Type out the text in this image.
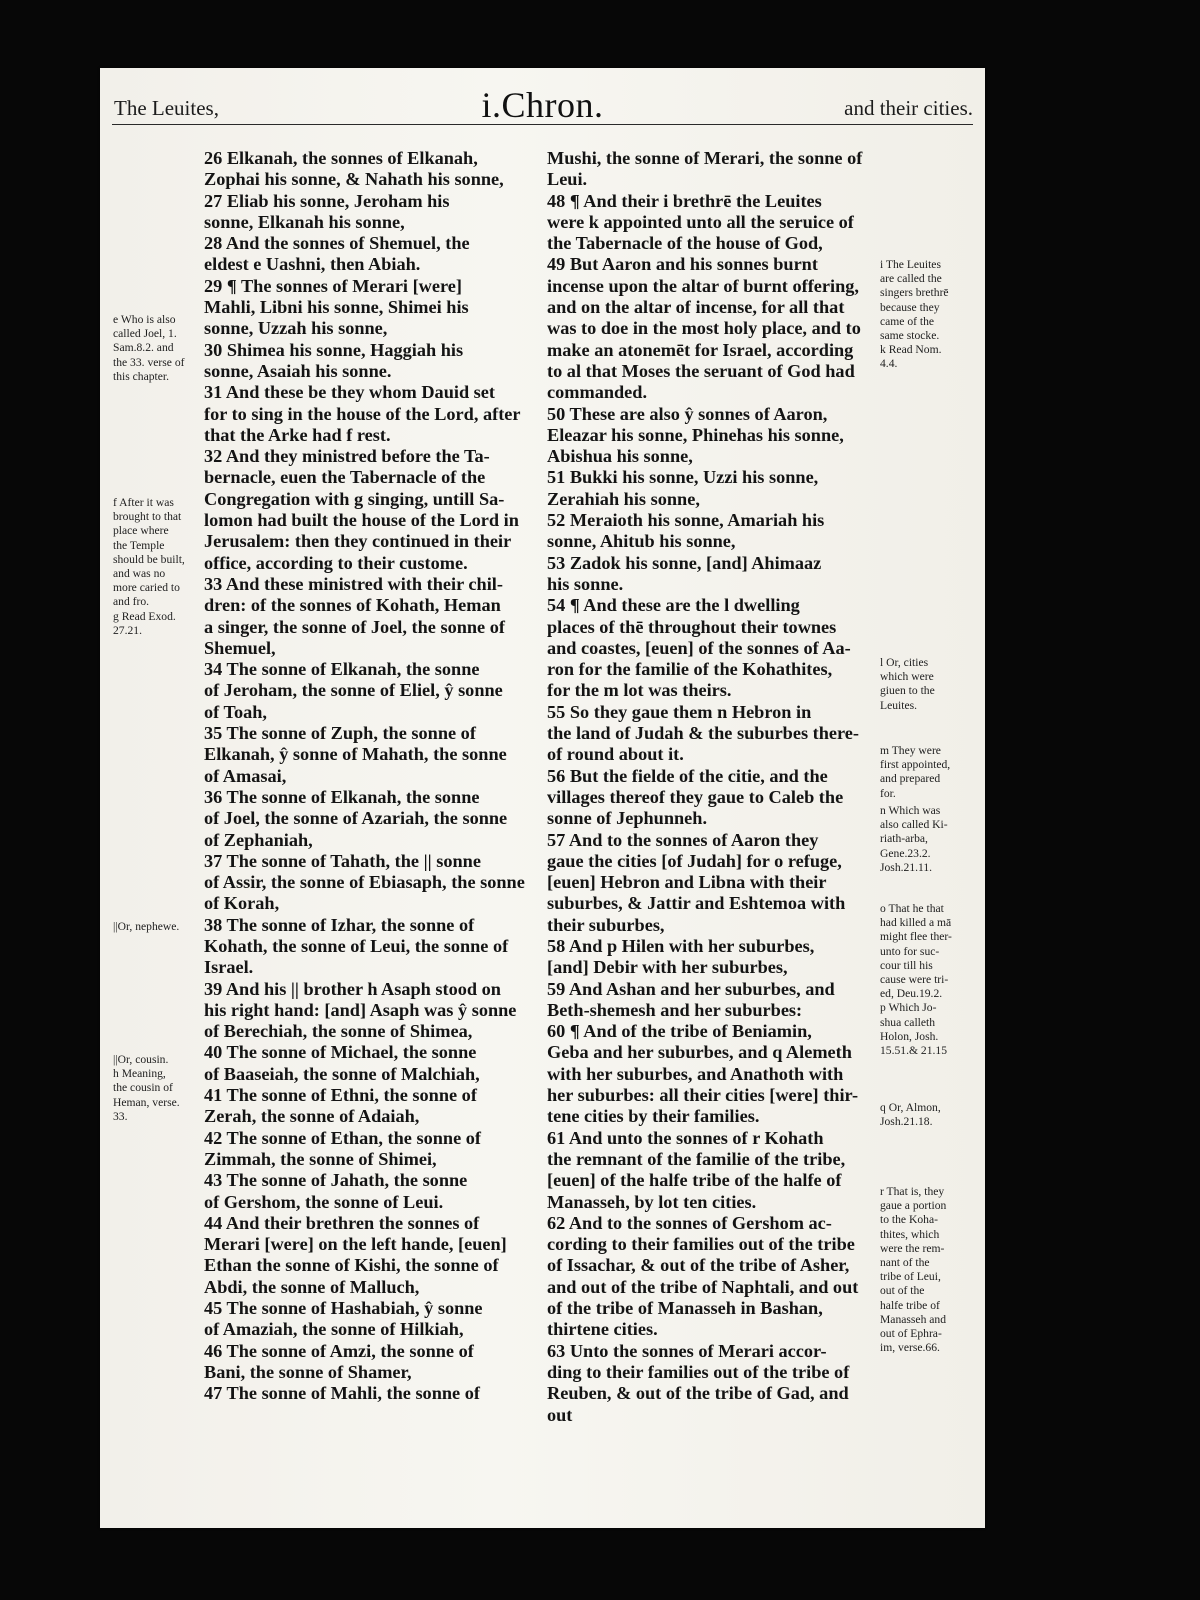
The Leuites,	i.Chron.	and their cities.
e Who is also
called Joel, 1.
Sam.8.2. and
the 33. verse of
this chapter.
f After it was
brought to that
place where
the Temple
should be built,
and was no
more caried to
and fro.
g Read Exod.
27.21.
||Or, nephewe.
||Or, cousin.
h Meaning,
the cousin of
Heman, verse.
33.
26 Elkanah, the sonnes of Elkanah,
Zophai his sonne, & Nahath his sonne,
27 Eliab his sonne, Jeroham his
sonne, Elkanah his sonne,
28 And the sonnes of Shemuel, the
eldest e Uashni, then Abiah.
29 ¶ The sonnes of Merari [were]
Mahli, Libni his sonne, Shimei his
sonne, Uzzah his sonne,
30 Shimea his sonne, Haggiah his
sonne, Asaiah his sonne.
31 And these be they whom Dauid set
for to sing in the house of the Lord, after
that the Arke had f rest.
32 And they ministred before the Ta-
bernacle, euen the Tabernacle of the
Congregation with g singing, untill Sa-
lomon had built the house of the Lord in
Jerusalem: then they continued in their
office, according to their custome.
33 And these ministred with their chil-
dren: of the sonnes of Kohath, Heman
a singer, the sonne of Joel, the sonne of
Shemuel,
34 The sonne of Elkanah, the sonne
of Jeroham, the sonne of Eliel, ŷ sonne
of Toah,
35 The sonne of Zuph, the sonne of
Elkanah, ŷ sonne of Mahath, the sonne
of Amasai,
36 The sonne of Elkanah, the sonne
of Joel, the sonne of Azariah, the sonne
of Zephaniah,
37 The sonne of Tahath, the || sonne
of Assir, the sonne of Ebiasaph, the sonne
of Korah,
38 The sonne of Izhar, the sonne of
Kohath, the sonne of Leui, the sonne of
Israel.
39 And his || brother h Asaph stood on
his right hand: [and] Asaph was ŷ sonne
of Berechiah, the sonne of Shimea,
40 The sonne of Michael, the sonne
of Baaseiah, the sonne of Malchiah,
41 The sonne of Ethni, the sonne of
Zerah, the sonne of Adaiah,
42 The sonne of Ethan, the sonne of
Zimmah, the sonne of Shimei,
43 The sonne of Jahath, the sonne
of Gershom, the sonne of Leui.
44 And their brethren the sonnes of
Merari [were] on the left hande, [euen]
Ethan the sonne of Kishi, the sonne of
Abdi, the sonne of Malluch,
45 The sonne of Hashabiah, ŷ sonne
of Amaziah, the sonne of Hilkiah,
46 The sonne of Amzi, the sonne of
Bani, the sonne of Shamer,
47 The sonne of Mahli, the sonne of
Mushi, the sonne of Merari, the sonne of
Leui.
48 ¶ And their i brethrē the Leuites
were k appointed unto all the seruice of
the Tabernacle of the house of God,
49 But Aaron and his sonnes burnt
incense upon the altar of burnt offering,
and on the altar of incense, for all that
was to doe in the most holy place, and to
make an atonemēt for Israel, according
to al that Moses the seruant of God had
commanded.
50 These are also ŷ sonnes of Aaron,
Eleazar his sonne, Phinehas his sonne,
Abishua his sonne,
51 Bukki his sonne, Uzzi his sonne,
Zerahiah his sonne,
52 Meraioth his sonne, Amariah his
sonne, Ahitub his sonne,
53 Zadok his sonne, [and] Ahimaaz
his sonne.
54 ¶ And these are the l dwelling
places of thē throughout their townes
and coastes, [euen] of the sonnes of Aa-
ron for the familie of the Kohathites,
for the m lot was theirs.
55 So they gaue them n Hebron in
the land of Judah & the suburbes there-
of round about it.
56 But the fielde of the citie, and the
villages thereof they gaue to Caleb the
sonne of Jephunneh.
57 And to the sonnes of Aaron they
gaue the cities [of Judah] for o refuge,
[euen] Hebron and Libna with their
suburbes, & Jattir and Eshtemoa with
their suburbes,
58 And p Hilen with her suburbes,
[and] Debir with her suburbes,
59 And Ashan and her suburbes, and
Beth-shemesh and her suburbes:
60 ¶ And of the tribe of Beniamin,
Geba and her suburbes, and q Alemeth
with her suburbes, and Anathoth with
her suburbes: all their cities [were] thir-
tene cities by their families.
61 And unto the sonnes of r Kohath
the remnant of the familie of the tribe,
[euen] of the halfe tribe of the halfe of
Manasseh, by lot ten cities.
62 And to the sonnes of Gershom ac-
cording to their families out of the tribe
of Issachar, & out of the tribe of Asher,
and out of the tribe of Naphtali, and out
of the tribe of Manasseh in Bashan,
thirtene cities.
63 Unto the sonnes of Merari accor-
ding to their families out of the tribe of
Reuben, & out of the tribe of Gad, and
out
i The Leuites
are called the
singers brethrē
because they
came of the
same stocke.
k Read Nom.
4.4.
l Or, cities
which were
giuen to the
Leuites.
m They were
first appointed,
and prepared
for.
n Which was
also called Ki-
riath-arba,
Gene.23.2.
Josh.21.11.
o That he that
had killed a mā
might flee ther-
unto for suc-
cour till his
cause were tri-
ed, Deu.19.2.
p Which Jo-
shua calleth
Holon, Josh.
15.51.& 21.15
q Or, Almon,
Josh.21.18.
r That is, they
gaue a portion
to the Koha-
thites, which
were the rem-
nant of the
tribe of Leui,
out of the
halfe tribe of
Manasseh and
out of Ephra-
im, verse.66.
